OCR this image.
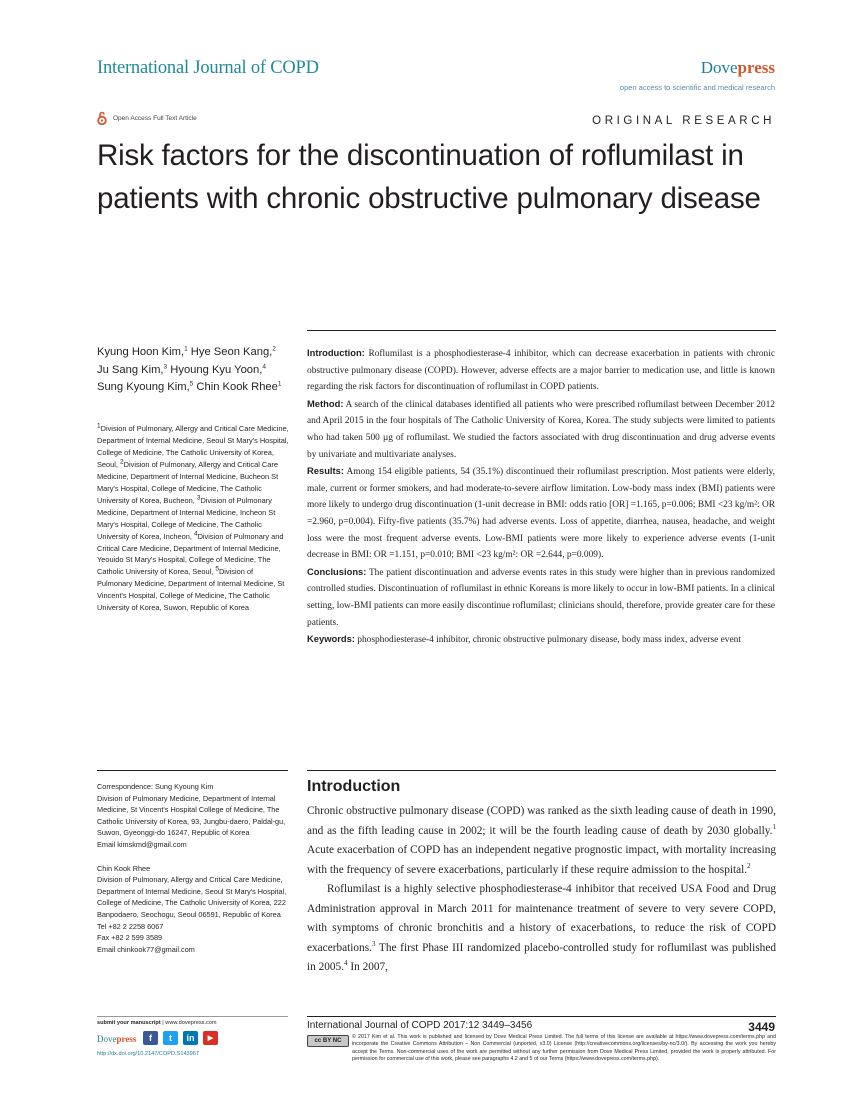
International Journal of COPD	Dovepress
open access to scientific and medical research
Open Access Full Text Article	ORIGINAL RESEARCH
Risk factors for the discontinuation of roflumilast in patients with chronic obstructive pulmonary disease
Kyung Hoon Kim,$^1$ Hye Seon Kang,$^2$ Ju Sang Kim,$^3$ Hyoung Kyu Yoon,$^4$ Sung Kyoung Kim,$^5$ Chin Kook Rhee$^1$
$^1$Division of Pulmonary, Allergy and Critical Care Medicine, Department of Internal Medicine, Seoul St Mary's Hospital, College of Medicine, The Catholic University of Korea, Seoul, $^2$Division of Pulmonary, Allergy and Critical Care Medicine, Department of Internal Medicine, Bucheon St Mary's Hospital, College of Medicine, The Catholic University of Korea, Bucheon, $^3$Division of Pulmonary Medicine, Department of Internal Medicine, Incheon St Mary's Hospital, College of Medicine, The Catholic University of Korea, Incheon, $^4$Division of Pulmonary and Critical Care Medicine, Department of Internal Medicine, Yeouido St Mary's Hospital, College of Medicine, The Catholic University of Korea, Seoul, $^5$Division of Pulmonary Medicine, Department of Internal Medicine, St Vincent's Hospital, College of Medicine, The Catholic University of Korea, Suwon, Republic of Korea

Introduction: Roflumilast is a phosphodiesterase-4 inhibitor, which can decrease exacerbation in patients with chronic obstructive pulmonary disease (COPD). However, adverse effects are a major barrier to medication use, and little is known regarding the risk factors for discontinuation of roflumilast in COPD patients.

Method: A search of the clinical databases identified all patients who were prescribed roflumilast between December 2012 and April 2015 in the four hospitals of The Catholic University of Korea, Korea. The study subjects were limited to patients who had taken 500 µg of roflumilast. We studied the factors associated with drug discontinuation and drug adverse events by univariate and multivariate analyses.

Results: Among 154 eligible patients, 54 (35.1%) discontinued their roflumilast prescription. Most patients were elderly, male, current or former smokers, and had moderate-to-severe airflow limitation. Low-body mass index (BMI) patients were more likely to undergo drug discontinuation (1-unit decrease in BMI: odds ratio [OR] =1.165, p=0.006; BMI <23 kg/m²: OR =2.960, p=0.004). Fifty-five patients (35.7%) had adverse events. Loss of appetite, diarrhea, nausea, headache, and weight loss were the most frequent adverse events. Low-BMI patients were more likely to experience adverse events (1-unit decrease in BMI: OR =1.151, p=0.010; BMI <23 kg/m²: OR =2.644, p=0.009).

Conclusions: The patient discontinuation and adverse events rates in this study were higher than in previous randomized controlled studies. Discontinuation of roflumilast in ethnic Koreans is more likely to occur in low-BMI patients. In a clinical setting, low-BMI patients can more easily discontinue roflumilast; clinicians should, therefore, provide greater care for these patients.

Keywords: phosphodiesterase-4 inhibitor, chronic obstructive pulmonary disease, body mass index, adverse event

Correspondence: Sung Kyoung Kim
Division of Pulmonary Medicine, Department of Internal Medicine, St Vincent's Hospital College of Medicine, The Catholic University of Korea, 93, Jungbu-daero, Paldal-gu, Suwon, Gyeonggi-do 16247, Republic of Korea
Email kimskmd@gmail.com
Chin Kook Rhee
Division of Pulmonary, Allergy and Critical Care Medicine, Department of Internal Medicine, Seoul St Mary's Hospital, College of Medicine, The Catholic University of Korea, 222 Banpodaero, Seochogu, Seoul 06591, Republic of Korea
Tel +82 2 2258 6067
Fax +82 2 599 3589
Email chinkook77@gmail.com
Introduction

Chronic obstructive pulmonary disease (COPD) was ranked as the sixth leading cause of death in 1990, and as the fifth leading cause in 2002; it will be the fourth leading cause of death by 2030 globally.$^1$ Acute exacerbation of COPD has an independent negative prognostic impact, with mortality increasing with the frequency of severe exacerbations, particularly if these require admission to the hospital.$^2$

Roflumilast is a highly selective phosphodiesterase-4 inhibitor that received USA Food and Drug Administration approval in March 2011 for maintenance treatment of severe to very severe COPD, with symptoms of chronic bronchitis and a history of exacerbations, to reduce the risk of COPD exacerbations.$^3$ The first Phase III randomized placebo-controlled study for roflumilast was published in 2005.$^4$ In 2007,

submit your manuscript | www.dovepress.com
Dovepress	f	t	in	▶
http://dx.doi.org/10.2147/COPD.S143967
International Journal of COPD 2017:12 3449–3456	3449
cc BY NC
© 2017 Kim et al. This work is published and licensed by Dove Medical Press Limited. The full terms of this license are available at https://www.dovepress.com/terms.php and incorporate the Creative Commons Attribution – Non Commercial (unported, v3.0) License (http://creativecommons.org/licenses/by-nc/3.0/). By accessing the work you hereby accept the Terms. Non-commercial uses of the work are permitted without any further permission from Dove Medical Press Limited, provided the work is properly attributed. For permission for commercial use of this work, please see paragraphs 4.2 and 5 of our Terms (https://www.dovepress.com/terms.php).
